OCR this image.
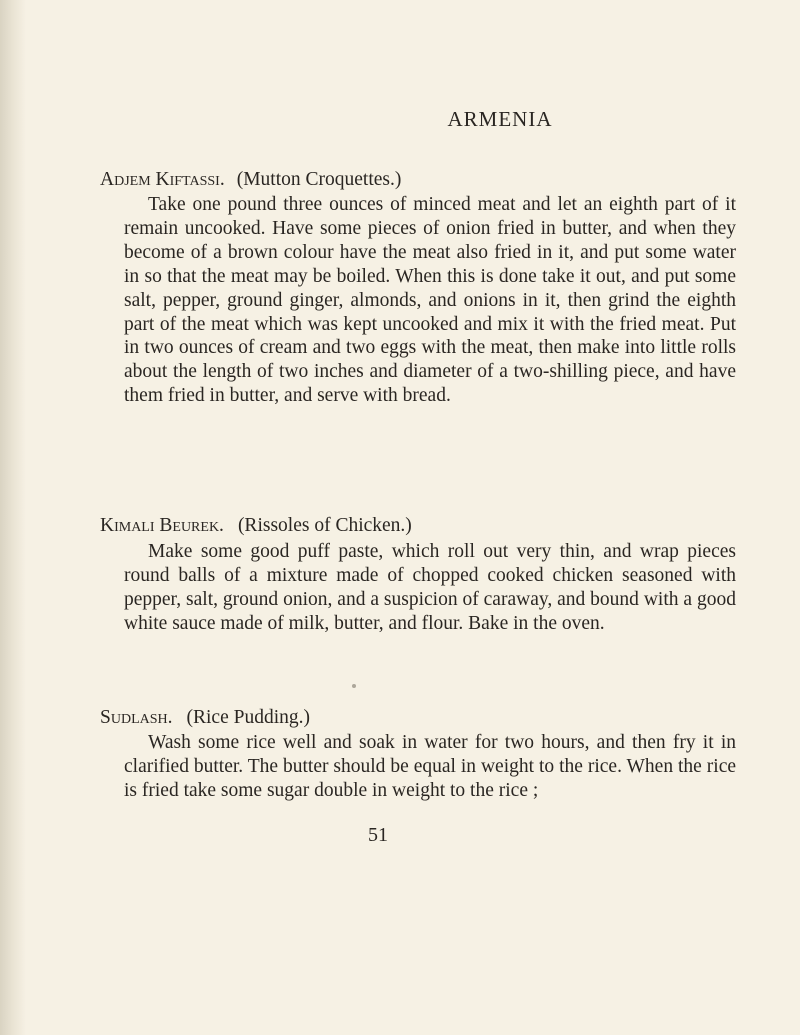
ARMENIA
Adjem Kiftassi. (Mutton Croquettes.)

Take one pound three ounces of minced meat and let an eighth part of it remain uncooked. Have some pieces of onion fried in butter, and when they become of a brown colour have the meat also fried in it, and put some water in so that the meat may be boiled. When this is done take it out, and put some salt, pepper, ground ginger, almonds, and onions in it, then grind the eighth part of the meat which was kept uncooked and mix it with the fried meat. Put in two ounces of cream and two eggs with the meat, then make into little rolls about the length of two inches and diameter of a two-shilling piece, and have them fried in butter, and serve with bread.

Kimali Beurek. (Rissoles of Chicken.)

Make some good puff paste, which roll out very thin, and wrap pieces round balls of a mixture made of chopped cooked chicken seasoned with pepper, salt, ground onion, and a suspicion of caraway, and bound with a good white sauce made of milk, butter, and flour. Bake in the oven.

Sudlash. (Rice Pudding.)

Wash some rice well and soak in water for two hours, and then fry it in clarified butter. The butter should be equal in weight to the rice. When the rice is fried take some sugar double in weight to the rice ;

51
